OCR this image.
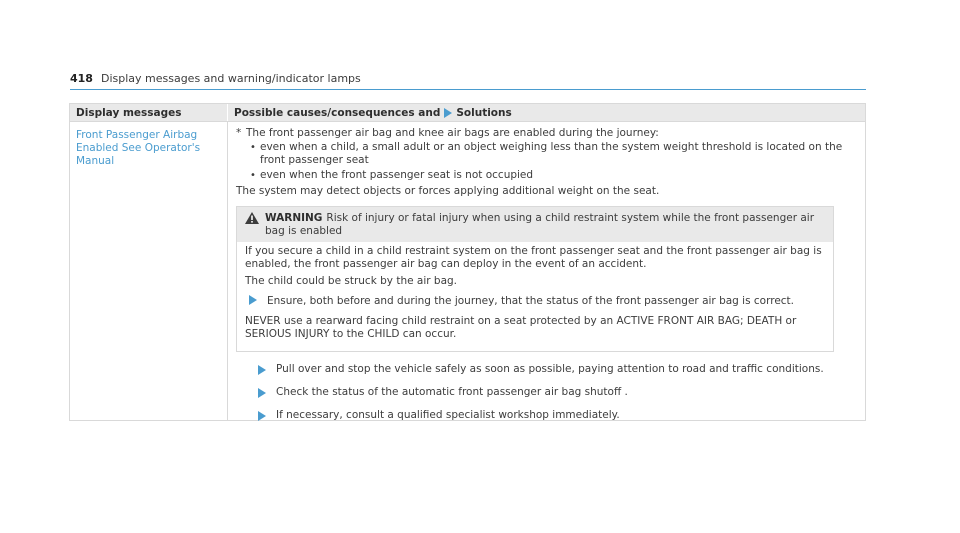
418 Display messages and warning/indicator lamps
Display messages	Possible causes/consequences and Solutions
Front Passenger Airbag
Enabled See Operator's
Manual
* The front passenger air bag and knee air bags are enabled during the journey:
• even when a child, a small adult or an object weighing less than the system weight threshold is located on the front passenger seat
• even when the front passenger seat is not occupied
The system may detect objects or forces applying additional weight on the seat.
WARNING Risk of injury or fatal injury when using a child restraint system while the front passenger air bag is enabled
If you secure a child in a child restraint system on the front passenger seat and the front passenger air bag is enabled, the front passenger air bag can deploy in the event of an accident.
The child could be struck by the air bag.
Ensure, both before and during the journey, that the status of the front passenger air bag is correct.
NEVER use a rearward facing child restraint on a seat protected by an ACTIVE FRONT AIR BAG; DEATH or SERIOUS INJURY to the CHILD can occur.
Pull over and stop the vehicle safely as soon as possible, paying attention to road and traffic conditions.
Check the status of the automatic front passenger air bag shutoff .
If necessary, consult a qualified specialist workshop immediately.
